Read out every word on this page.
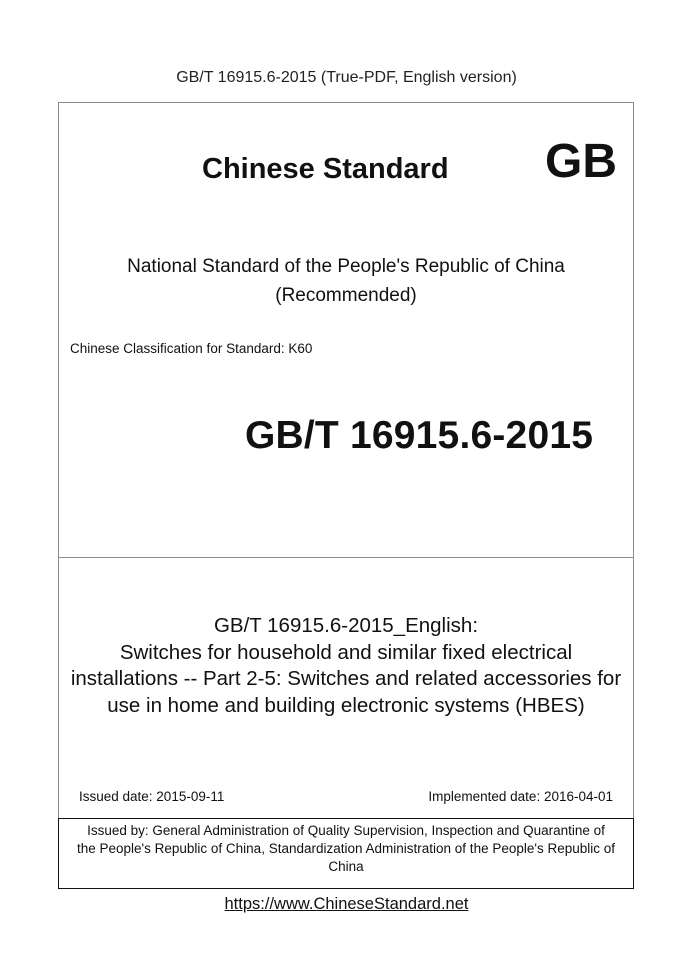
GB/T 16915.6-2015 (True-PDF, English version)
Chinese Standard GB
National Standard of the People's Republic of China
(Recommended)
Chinese Classification for Standard: K60
GB/T 16915.6-2015
GB/T 16915.6-2015_English:
Switches for household and similar fixed electrical
installations -- Part 2-5: Switches and related accessories for
use in home and building electronic systems (HBES)
Issued date: 2015-09-11	Implemented date: 2016-04-01
Issued by: General Administration of Quality Supervision, Inspection and Quarantine of
the People's Republic of China, Standardization Administration of the People's Republic of
China
https://www.ChineseStandard.net
